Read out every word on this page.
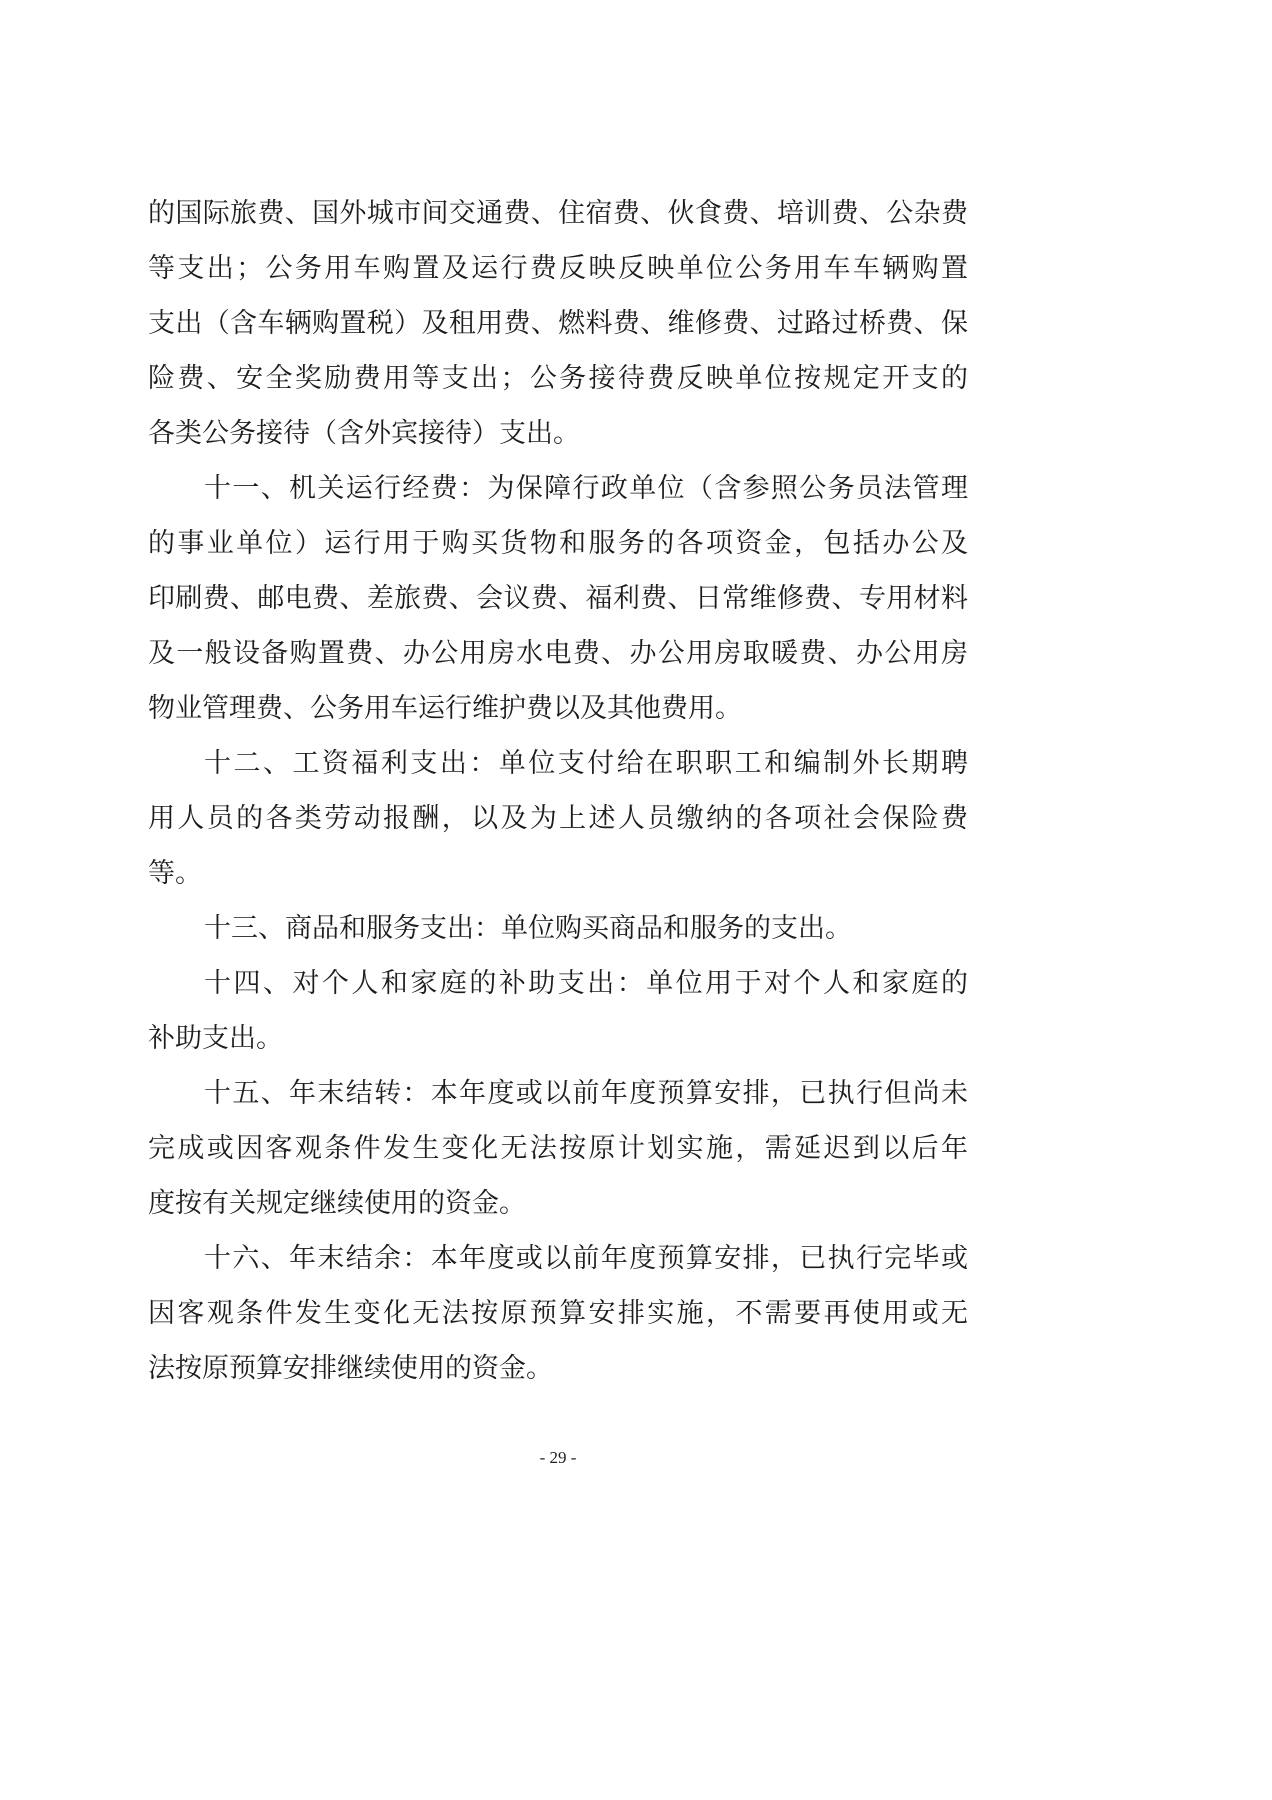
的国际旅费、国外城市间交通费、住宿费、伙食费、培训费、公杂费
等支出；公务用车购置及运行费反映反映单位公务用车车辆购置
支出（含车辆购置税）及租用费、燃料费、维修费、过路过桥费、保
险费、安全奖励费用等支出；公务接待费反映单位按规定开支的
各类公务接待（含外宾接待）支出。
十一、机关运行经费：为保障行政单位（含参照公务员法管理
的事业单位）运行用于购买货物和服务的各项资金，包括办公及
印刷费、邮电费、差旅费、会议费、福利费、日常维修费、专用材料
及一般设备购置费、办公用房水电费、办公用房取暖费、办公用房
物业管理费、公务用车运行维护费以及其他费用。
十二、工资福利支出：单位支付给在职职工和编制外长期聘
用人员的各类劳动报酬，以及为上述人员缴纳的各项社会保险费
等。
十三、商品和服务支出：单位购买商品和服务的支出。
十四、对个人和家庭的补助支出：单位用于对个人和家庭的
补助支出。
十五、年末结转：本年度或以前年度预算安排，已执行但尚未
完成或因客观条件发生变化无法按原计划实施，需延迟到以后年
度按有关规定继续使用的资金。
十六、年末结余：本年度或以前年度预算安排，已执行完毕或
因客观条件发生变化无法按原预算安排实施，不需要再使用或无
法按原预算安排继续使用的资金。
- 29 -
